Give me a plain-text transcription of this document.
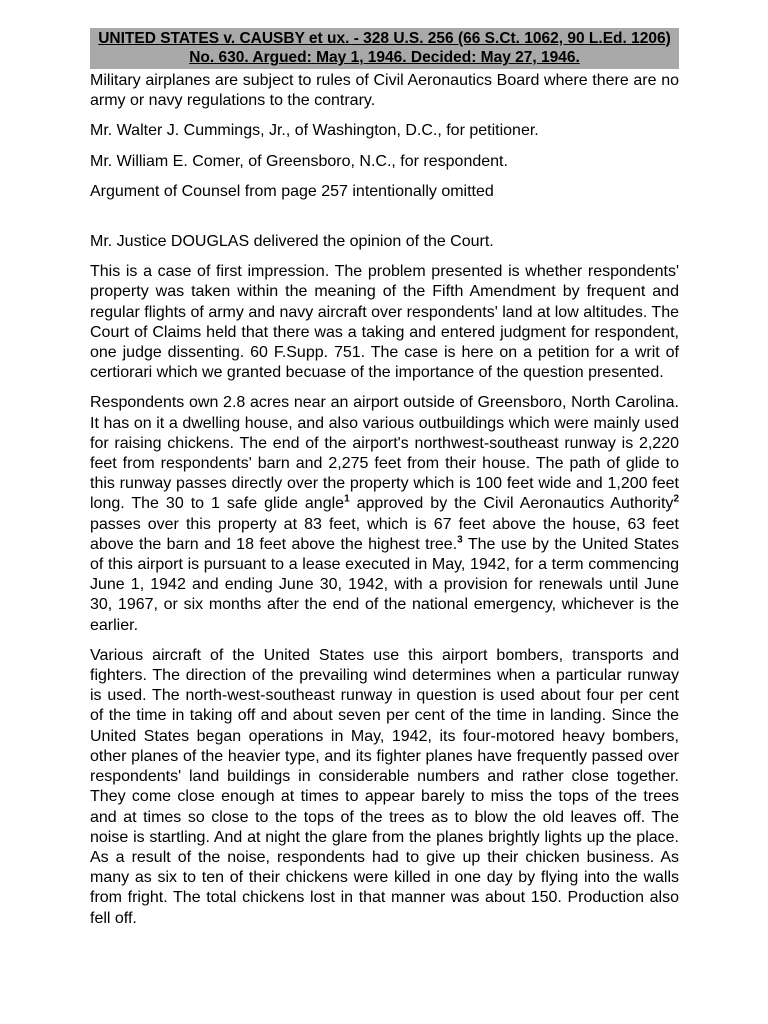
UNITED STATES v. CAUSBY et ux. - 328 U.S. 256 (66 S.Ct. 1062, 90 L.Ed. 1206) No. 630. Argued: May 1, 1946. Decided: May 27, 1946.

Military airplanes are subject to rules of Civil Aeronautics Board where there are no army or navy regulations to the contrary.

Mr. Walter J. Cummings, Jr., of Washington, D.C., for petitioner.

Mr. William E. Comer, of Greensboro, N.C., for respondent.

Argument of Counsel from page 257 intentionally omitted

Mr. Justice DOUGLAS delivered the opinion of the Court.

This is a case of first impression. The problem presented is whether respondents' property was taken within the meaning of the Fifth Amendment by frequent and regular flights of army and navy aircraft over respondents' land at low altitudes. The Court of Claims held that there was a taking and entered judgment for respondent, one judge dissenting. 60 F.Supp. 751. The case is here on a petition for a writ of certiorari which we granted becuase of the importance of the question presented.

Respondents own 2.8 acres near an airport outside of Greensboro, North Carolina. It has on it a dwelling house, and also various outbuildings which were mainly used for raising chickens. The end of the airport's northwest-southeast runway is 2,220 feet from respondents' barn and 2,275 feet from their house. The path of glide to this runway passes directly over the property which is 100 feet wide and 1,200 feet long. The 30 to 1 safe glide angle$^1$ approved by the Civil Aeronautics Authority$^2$ passes over this property at 83 feet, which is 67 feet above the house, 63 feet above the barn and 18 feet above the highest tree.$^3$ The use by the United States of this airport is pursuant to a lease executed in May, 1942, for a term commencing June 1, 1942 and ending June 30, 1942, with a provision for renewals until June 30, 1967, or six months after the end of the national emergency, whichever is the earlier.

Various aircraft of the United States use this airport bombers, transports and fighters. The direction of the prevailing wind determines when a particular runway is used. The north-west-southeast runway in question is used about four per cent of the time in taking off and about seven per cent of the time in landing. Since the United States began operations in May, 1942, its four-motored heavy bombers, other planes of the heavier type, and its fighter planes have frequently passed over respondents' land buildings in considerable numbers and rather close together. They come close enough at times to appear barely to miss the tops of the trees and at times so close to the tops of the trees as to blow the old leaves off. The noise is startling. And at night the glare from the planes brightly lights up the place. As a result of the noise, respondents had to give up their chicken business. As many as six to ten of their chickens were killed in one day by flying into the walls from fright. The total chickens lost in that manner was about 150. Production also fell off.
